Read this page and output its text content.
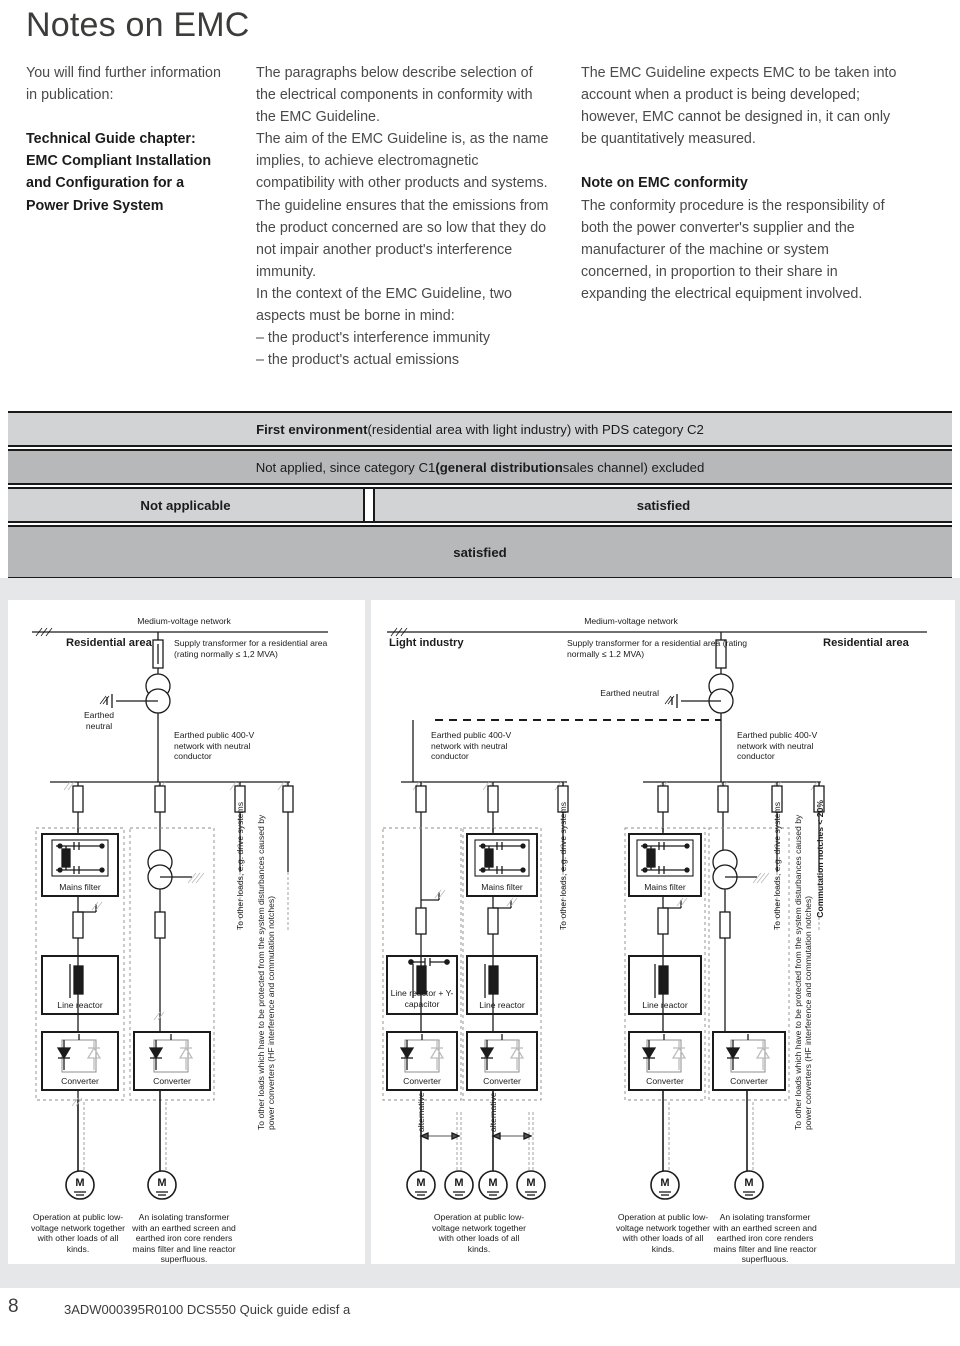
Notes on EMC
You will find further information in publication:
Technical Guide chapter: EMC Compliant Installation and Configuration for a Power Drive System
The paragraphs below describe selection of the electrical components in conformity with the EMC Guideline.
The aim of the EMC Guideline is, as the name implies, to achieve electromagnetic compatibility with other products and systems. The guideline ensures that the emissions from the product concerned are so low that they do not impair another product's interference immunity.
In the context of the EMC Guideline, two aspects must be borne in mind:
– the product's interference immunity
– the product's actual emissions
The EMC Guideline expects EMC to be taken into account when a product is being developed; however, EMC cannot be designed in, it can only be quantitatively measured.
Note on EMC conformity
The conformity procedure is the responsibility of both the power converter's supplier and the manufacturer of the machine or system concerned, in proportion to their share in expanding the electrical equipment involved.
First environment (residential area with light industry) with PDS category C2
Not applied, since category C1 (general distribution sales channel) excluded
Not applicable	satisfied
satisfied
Medium-voltage network
Residential area	Supply transformer for a residential area (rating normally ≤ 1,2 MVA)
Earthed neutral
Earthed public 400-V network with neutral conductor
Mains filter
Line reactor
Converter	Converter
M	M
Operation at public low-voltage network together with other loads of all kinds.
An isolating transformer with an earthed screen and earthed iron core renders mains filter and line reactor superfluous.
To other loads, e.g. drive systems To other loads which have to be protected from the system disturbances caused by power converters (HF interference and commutation notches)
Medium-voltage network
Light industry	Supply transformer for a residential area (rating normally ≤ 1.2 MVA)
Residential area
Earthed neutral
Earthed public 400-V network with neutral conductor
Earthed public 400-V network with neutral conductor
Line reactor + Y-capacitor
Mains filter
Line reactor
Converter	Converter
Mains filter
Line reactor
Converter	Converter
M	M	M	M	M	M
Operation at public low-voltage network together with other loads of all kinds.
Operation at public low-voltage network together with other loads of all kinds.
An isolating transformer with an earthed screen and earthed iron core renders mains filter and line reactor superfluous.
alternative	alternative
To other loads, e.g. drive systems	To other loads, e.g. drive systems To other loads which have to be protected from the system disturbances caused by power converters (HF interference and commutation notches)
Commutation notches < 20%
8	3ADW000395R0100 DCS550 Quick guide edisf a
